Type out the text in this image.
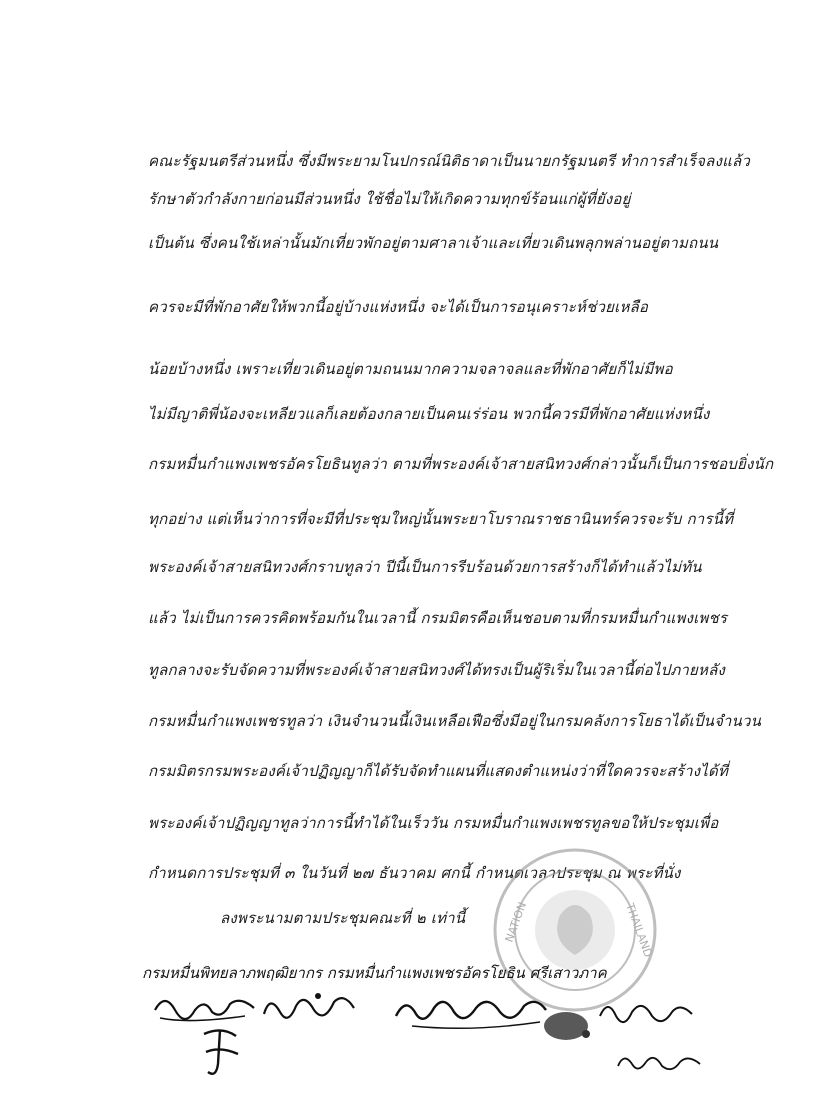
คณะรัฐมนตรีส่วนหนึ่ง ซึ่งมีพระยามโนปกรณ์นิติธาดาเป็นนายกรัฐมนตรี ทำการสำเร็จลงแล้ว
รักษาตัวกำลังกายก่อนมีส่วนหนึ่ง ใช้ชื่อไม่ให้เกิดความทุกข์ร้อนแก่ผู้ที่ยังอยู่
เป็นต้น ซึ่งคนใช้เหล่านั้นมักเที่ยวพักอยู่ตามศาลาเจ้าและเที่ยวเดินพลุกพล่านอยู่ตามถนน
ควรจะมีที่พักอาศัยให้พวกนี้อยู่บ้างแห่งหนึ่ง จะได้เป็นการอนุเคราะห์ช่วยเหลือ
น้อยบ้างหนึ่ง เพราะเที่ยวเดินอยู่ตามถนนมากความจลาจลและที่พักอาศัยก็ไม่มีพอ
ไม่มีญาติพี่น้องจะเหลียวแลก็เลยต้องกลายเป็นคนเร่ร่อน พวกนี้ควรมีที่พักอาศัยแห่งหนึ่ง
กรมหมื่นกำแพงเพชรอัครโยธินทูลว่า ตามที่พระองค์เจ้าสายสนิทวงศ์กล่าวนั้นก็เป็นการชอบยิ่งนัก
ทุกอย่าง แต่เห็นว่าการที่จะมีที่ประชุมใหญ่นั้นพระยาโบราณราชธานินทร์ควรจะรับ การนี้ที่
พระองค์เจ้าสายสนิทวงศ์กราบทูลว่า ปีนี้เป็นการรีบร้อนด้วยการสร้างก็ได้ทำแล้วไม่ทัน
แล้ว ไม่เป็นการควรคิดพร้อมกันในเวลานี้ กรมมิตรคือเห็นชอบตามที่กรมหมื่นกำแพงเพชร
ทูลกลางจะรับจัดความที่พระองค์เจ้าสายสนิทวงศ์ได้ทรงเป็นผู้ริเริ่มในเวลานี้ต่อไปภายหลัง
กรมหมื่นกำแพงเพชรทูลว่า เงินจำนวนนี้เงินเหลือเฟือซึ่งมีอยู่ในกรมคลังการโยธาได้เป็นจำนวน
กรมมิตรกรมพระองค์เจ้าปฏิญญาก็ได้รับจัดทำแผนที่แสดงตำแหน่งว่าที่ใดควรจะสร้างได้ที่
พระองค์เจ้าปฏิญญาทูลว่าการนี้ทำได้ในเร็ววัน กรมหมื่นกำแพงเพชรทูลขอให้ประชุมเพื่อ
กำหนดการประชุมที่ ๓ ในวันที่ ๒๗ ธันวาคม ศกนี้ กำหนดเวลาประชุม ณ พระที่นั่ง
ลงพระนามตามประชุมคณะที่ ๒ เท่านี้	NATION	THAILAND
กรมหมื่นพิทยลาภพฤฒิยากร กรมหมื่นกำแพงเพชรอัครโยธิน ศรีเสาวภาค
